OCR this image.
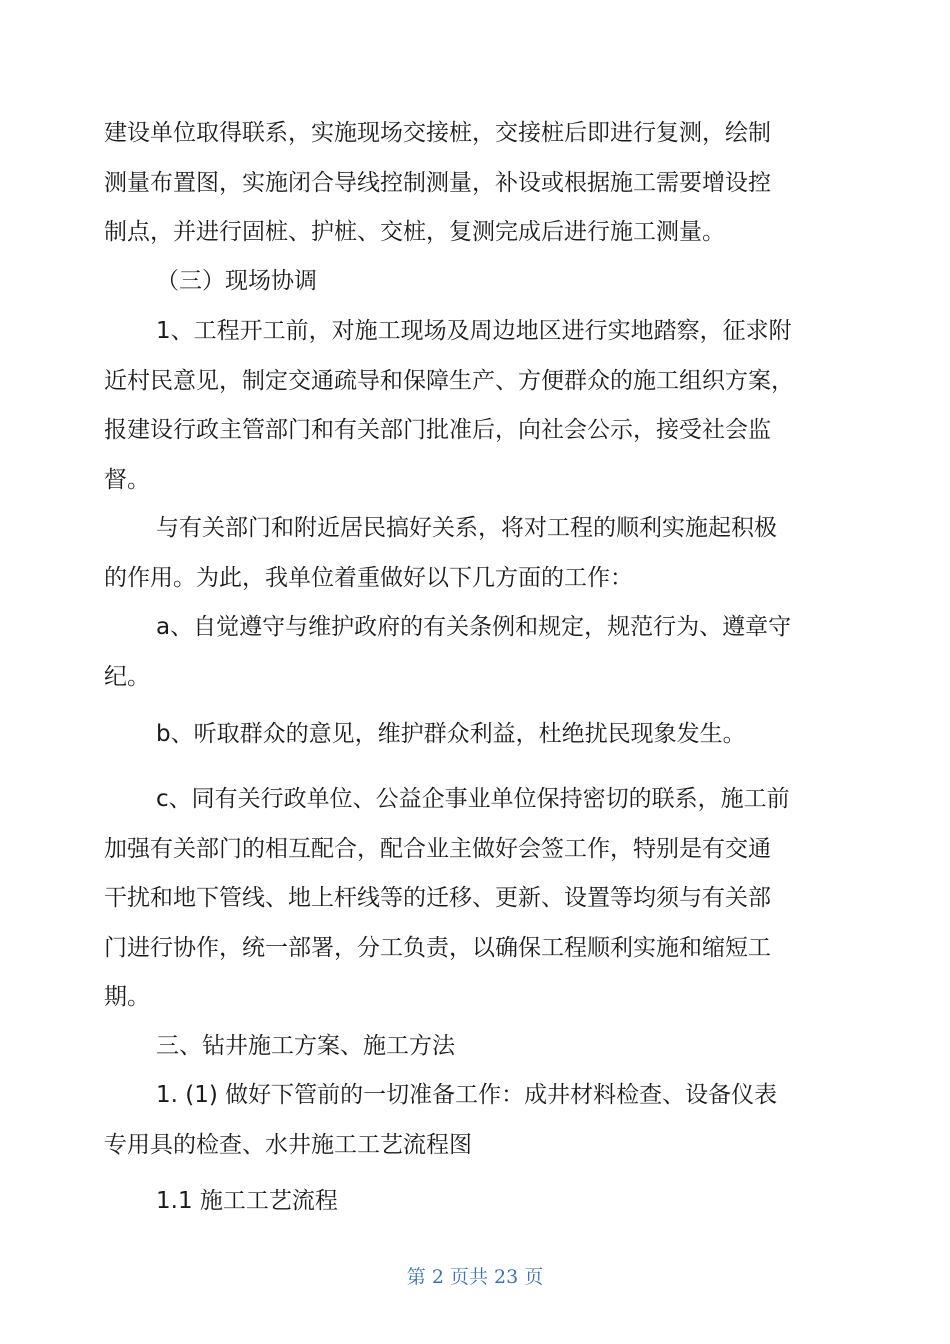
建设单位取得联系，实施现场交接桩，交接桩后即进行复测，绘制
测量布置图，实施闭合导线控制测量，补设或根据施工需要增设控
制点，并进行固桩、护桩、交桩，复测完成后进行施工测量。

（三）现场协调

1、工程开工前，对施工现场及周边地区进行实地踏察，征求附
近村民意见，制定交通疏导和保障生产、方便群众的施工组织方案，
报建设行政主管部门和有关部门批准后，向社会公示，接受社会监
督。

与有关部门和附近居民搞好关系，将对工程的顺利实施起积极
的作用。为此，我单位着重做好以下几方面的工作：

a、自觉遵守与维护政府的有关条例和规定，规范行为、遵章守
纪。

b、听取群众的意见，维护群众利益，杜绝扰民现象发生。

c、同有关行政单位、公益企事业单位保持密切的联系，施工前
加强有关部门的相互配合，配合业主做好会签工作，特别是有交通
干扰和地下管线、地上杆线等的迁移、更新、设置等均须与有关部
门进行协作，统一部署，分工负责，以确保工程顺利实施和缩短工
期。

三、钻井施工方案、施工方法

1. (1) 做好下管前的一切准备工作：成井材料检查、设备仪表
专用具的检查、水井施工工艺流程图

1.1 施工工艺流程

第 2 页共 23 页
